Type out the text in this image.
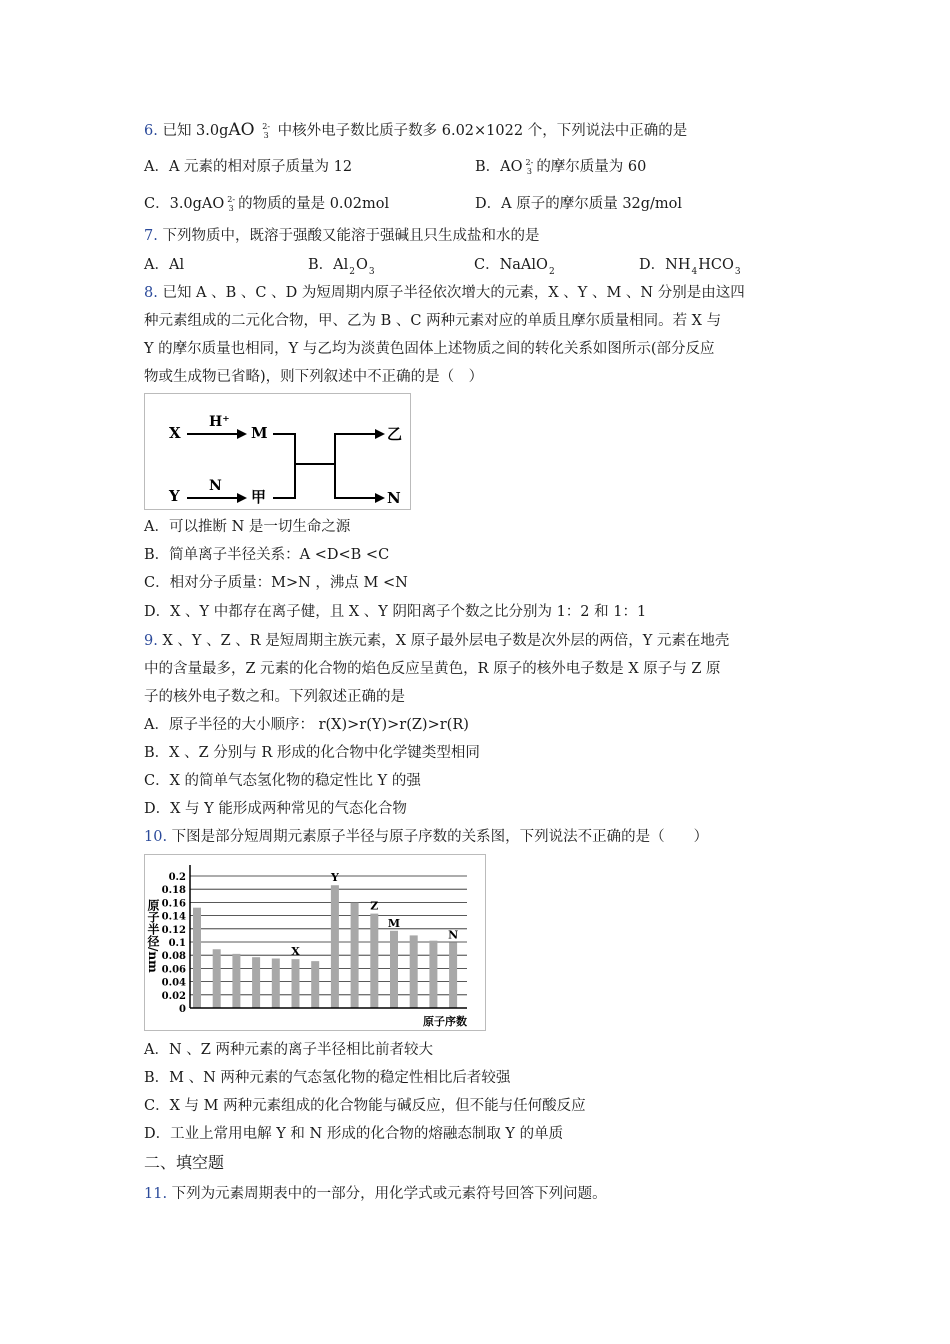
6. 已知 3.0gAO 2-
3 中核外电子数比质子数多 6.02×1022 个，下列说法中正确的是
A．A 元素的相对原子质量为 12	B．AO 2-
3 的摩尔质量为 60
C．3.0gAO 2-
3 的物质的量是 0.02mol	D．A 原子的摩尔质量 32g/mol
7. 下列物质中，既溶于强酸又能溶于强碱且只生成盐和水的是
A．Al	B．$Al_2O_3$	C．NaAlO$_2$	D．$NH_4HCO_3$
8. 已知 A 、B 、C 、D 为短周期内原子半径依次增大的元素，X 、Y 、M 、N 分别是由这四
种元素组成的二元化合物，甲、乙为 B 、C 两种元素对应的单质且摩尔质量相同。若 X 与
Y 的摩尔质量也相同，Y 与乙均为淡黄色固体上述物质之间的转化关系如图所示(部分反应
物或生成物已省略)，则下列叙述中不正确的是（　）
X
H⁺
M
Y
N
甲
乙
N
A．可以推断 N 是一切生命之源
B．简单离子半径关系：A <D<B <C
C．相对分子质量：M>N ，沸点 M <N
D．X 、Y 中都存在离子健，且 X 、Y 阴阳离子个数之比分别为 1：2 和 1：1
9. X 、Y 、Z 、R 是短周期主族元素，X 原子最外层电子数是次外层的两倍，Y 元素在地壳
中的含量最多，Z 元素的化合物的焰色反应呈黄色，R 原子的核外电子数是 X 原子与 Z 原
子的核外电子数之和。下列叙述正确的是
A．原子半径的大小顺序： r(X)>r(Y)>r(Z)>r(R)
B．X 、Z 分别与 R 形成的化合物中化学键类型相同
C．X 的简单气态氢化物的稳定性比 Y 的强
D．X 与 Y 能形成两种常见的气态化合物
10. 下图是部分短周期元素原子半径与原子序数的关系图，下列说法不正确的是（　　）
0
0.02
0.04
0.06
0.08
0.1
0.12
0.14
0.16
0.18
0.2
X
Y
Z
M
N
原子半径/nm
原子序数
A．N 、Z 两种元素的离子半径相比前者较大
B．M 、N 两种元素的气态氢化物的稳定性相比后者较强
C．X 与 M 两种元素组成的化合物能与碱反应，但不能与任何酸反应
D．工业上常用电解 Y 和 N 形成的化合物的熔融态制取 Y 的单质
二、填空题
11. 下列为元素周期表中的一部分，用化学式或元素符号回答下列问题。
